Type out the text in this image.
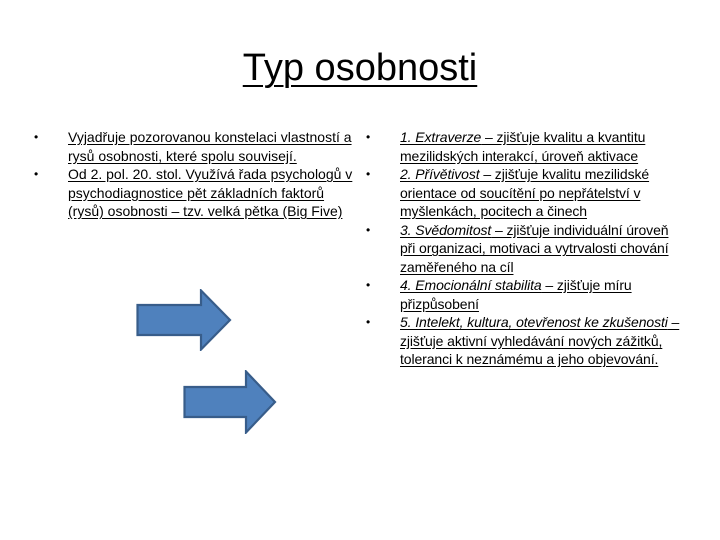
Typ osobnosti
• Vyjadřuje pozorovanou konstelaci vlastností a rysů osobnosti, které spolu souvisejí.
• Od 2. pol. 20. stol. Využívá řada psychologů v psychodiagnostice pět základních faktorů (rysů) osobnosti – tzv. velká pětka (Big Five)
• 1. Extraverze – zjišťuje kvalitu a kvantitu mezilidských interakcí, úroveň aktivace
• 2. Přívětivost – zjišťuje kvalitu mezilidské orientace od soucítění po nepřátelství v myšlenkách, pocitech a činech
• 3. Svědomitost – zjišťuje individuální úroveň při organizaci, motivaci a vytrvalosti chování zaměřeného na cíl
• 4. Emocionální stabilita – zjišťuje míru přizpůsobení
• 5. Intelekt, kultura, otevřenost ke zkušenosti – zjišťuje aktivní vyhledávání nových zážitků, toleranci k neznámému a jeho objevování.
